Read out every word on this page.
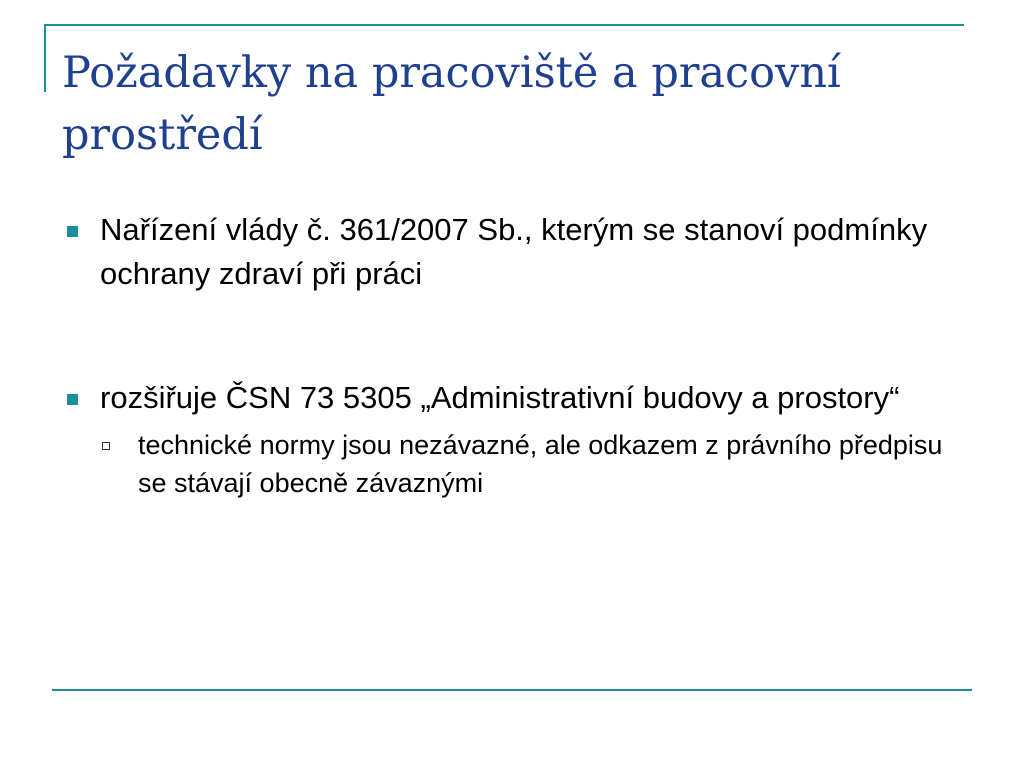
Požadavky na pracoviště a pracovní prostředí
Nařízení vlády č. 361/2007 Sb., kterým se stanoví podmínky ochrany zdraví při práci
rozšiřuje ČSN 73 5305 „Administrativní budovy a prostory“
technické normy jsou nezávazné, ale odkazem z právního předpisu se stávají obecně závaznými
